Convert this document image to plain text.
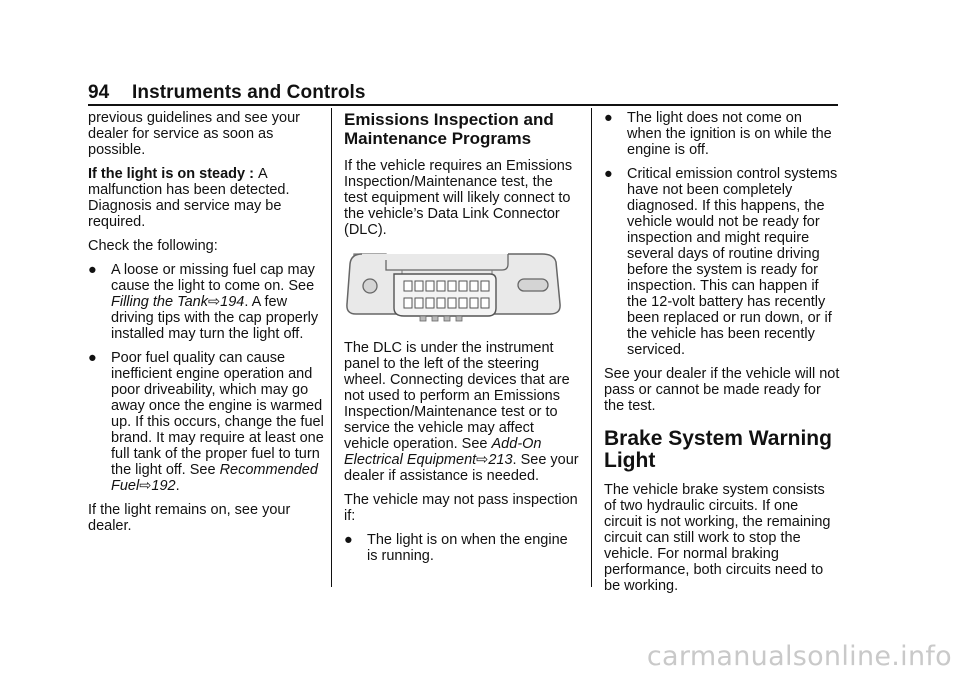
94 Instruments and Controls

previous guidelines and see your dealer for service as soon as possible.

If the light is on steady : A malfunction has been detected. Diagnosis and service may be required.

Check the following:

● A loose or missing fuel cap may cause the light to come on. See Filling the Tank⇨194. A few driving tips with the cap properly installed may turn the light off.
● Poor fuel quality can cause inefficient engine operation and poor driveability, which may go away once the engine is warmed up. If this occurs, change the fuel brand. It may require at least one full tank of the proper fuel to turn the light off. See Recommended Fuel⇨192.

If the light remains on, see your dealer.

Emissions Inspection and Maintenance Programs

If the vehicle requires an Emissions Inspection/Maintenance test, the test equipment will likely connect to the vehicle’s Data Link Connector (DLC).

The DLC is under the instrument panel to the left of the steering wheel. Connecting devices that are not used to perform an Emissions Inspection/Maintenance test or to service the vehicle may affect vehicle operation. See Add-On Electrical Equipment⇨213. See your dealer if assistance is needed.

The vehicle may not pass inspection if:

● The light is on when the engine is running.
● The light does not come on when the ignition is on while the engine is off.
● Critical emission control systems have not been completely diagnosed. If this happens, the vehicle would not be ready for inspection and might require several days of routine driving before the system is ready for inspection. This can happen if the 12-volt battery has recently been replaced or run down, or if the vehicle has been recently serviced.

See your dealer if the vehicle will not pass or cannot be made ready for the test.

Brake System Warning Light

The vehicle brake system consists of two hydraulic circuits. If one circuit is not working, the remaining circuit can still work to stop the vehicle. For normal braking performance, both circuits need to be working.

carmanualsonline.info
